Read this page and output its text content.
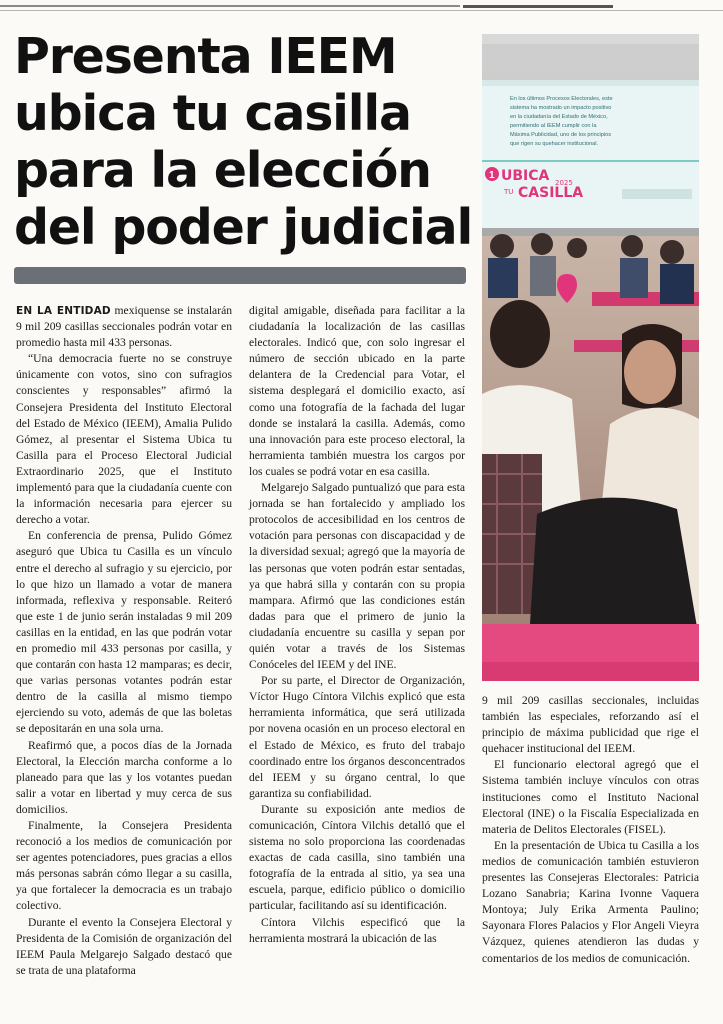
Presenta IEEM
ubica tu casilla
para la elección
del poder judicial
En los últimos Procesos Electorales, este
sistema ha mostrado un impacto positivo
en la ciudadanía del Estado de México,
permitiendo al IEEM cumplir con la
Máxima Publicidad, uno de los principios
que rigen su quehacer institucional.
1 UBICA 2025
TU CASILLA

EN LA ENTIDAD mexiquense se instalarán 9 mil 209 casillas seccionales podrán votar en promedio hasta mil 433 personas.

“Una democracia fuerte no se construye únicamente con votos, sino con sufragios conscientes y responsables” afirmó la Consejera Presidenta del Instituto Electoral del Estado de México (IEEM), Amalia Pulido Gómez, al presentar el Sistema Ubica tu Casilla para el Proceso Electoral Judicial Extraordinario 2025, que el Instituto implementó para que la ciudadanía cuente con la información necesaria para ejercer su derecho a votar.

En conferencia de prensa, Pulido Gómez aseguró que Ubica tu Casilla es un vínculo entre el derecho al sufragio y su ejercicio, por lo que hizo un llamado a votar de manera informada, reflexiva y responsable. Reiteró que este 1 de junio serán instaladas 9 mil 209 casillas en la entidad, en las que podrán votar en promedio mil 433 personas por casilla, y que contarán con hasta 12 mamparas; es decir, que varias personas votantes podrán estar dentro de la casilla al mismo tiempo ejerciendo su voto, además de que las boletas se depositarán en una sola urna.

Reafirmó que, a pocos días de la Jornada Electoral, la Elección marcha conforme a lo planeado para que las y los votantes puedan salir a votar en libertad y muy cerca de sus domicilios.

Finalmente, la Consejera Presidenta reconoció a los medios de comunicación por ser agentes potenciadores, pues gracias a ellos más personas sabrán cómo llegar a su casilla, ya que fortalecer la democracia es un trabajo colectivo.

Durante el evento la Consejera Electoral y Presidenta de la Comisión de organización del IEEM Paula Melgarejo Salgado destacó que se trata de una plataforma

digital amigable, diseñada para facilitar a la ciudadanía la localización de las casillas electorales. Indicó que, con solo ingresar el número de sección ubicado en la parte delantera de la Credencial para Votar, el sistema desplegará el domicilio exacto, así como una fotografía de la fachada del lugar donde se instalará la casilla. Además, como una innovación para este proceso electoral, la herramienta también muestra los cargos por los cuales se podrá votar en esa casilla.

Melgarejo Salgado puntualizó que para esta jornada se han fortalecido y ampliado los protocolos de accesibilidad en los centros de votación para personas con discapacidad y de la diversidad sexual; agregó que la mayoría de las personas que voten podrán estar sentadas, ya que habrá silla y contarán con su propia mampara. Afirmó que las condiciones están dadas para que el primero de junio la ciudadanía encuentre su casilla y sepan por quién votar a través de los Sistemas Conóceles del IEEM y del INE.

Por su parte, el Director de Organización, Víctor Hugo Cíntora Vilchis explicó que esta herramienta informática, que será utilizada por novena ocasión en un proceso electoral en el Estado de México, es fruto del trabajo coordinado entre los órganos desconcentrados del IEEM y su órgano central, lo que garantiza su confiabilidad.

Durante su exposición ante medios de comunicación, Cíntora Vilchis detalló que el sistema no solo proporciona las coordenadas exactas de cada casilla, sino también una fotografía de la entrada al sitio, ya sea una escuela, parque, edificio público o domicilio particular, facilitando así su identificación.

Cíntora Vilchis especificó que la herramienta mostrará la ubicación de las

9 mil 209 casillas seccionales, incluidas también las especiales, reforzando así el principio de máxima publicidad que rige el quehacer institucional del IEEM.

El funcionario electoral agregó que el Sistema también incluye vínculos con otras instituciones como el Instituto Nacional Electoral (INE) o la Fiscalía Especializada en materia de Delitos Electorales (FISEL).

En la presentación de Ubica tu Casilla a los medios de comunicación también estuvieron presentes las Consejeras Electorales: Patricia Lozano Sanabria; Karina Ivonne Vaquera Montoya; July Erika Armenta Paulino; Sayonara Flores Palacios y Flor Angeli Vieyra Vázquez, quienes atendieron las dudas y comentarios de los medios de comunicación.
